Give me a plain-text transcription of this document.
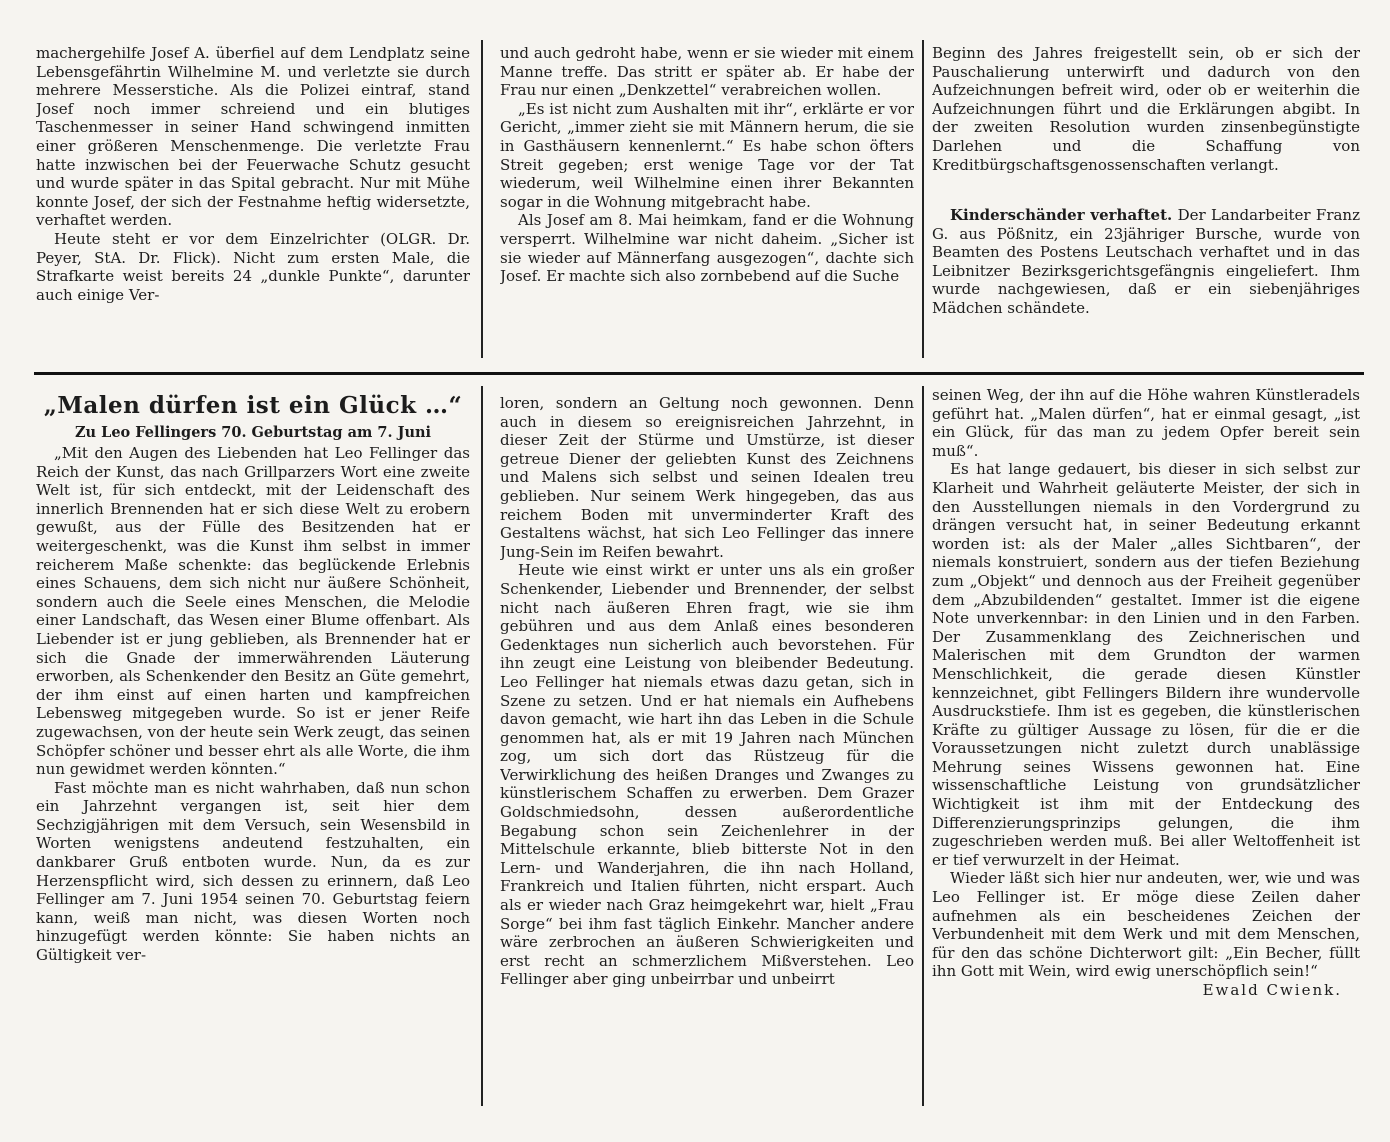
machergehilfe Josef A. überfiel auf dem Lendplatz seine Lebensgefährtin Wilhelmine M. und verletzte sie durch mehrere Messerstiche. Als die Polizei eintraf, stand Josef noch immer schreiend und ein blutiges Taschenmesser in seiner Hand schwingend inmitten einer größeren Menschenmenge. Die verletzte Frau hatte inzwischen bei der Feuerwache Schutz gesucht und wurde später in das Spital gebracht. Nur mit Mühe konnte Josef, der sich der Festnahme heftig widersetzte, verhaftet werden.

Heute steht er vor dem Einzelrichter (OLGR. Dr. Peyer, StA. Dr. Flick). Nicht zum ersten Male, die Strafkarte weist bereits 24 „dunkle Punkte“, darunter auch einige Ver-

und auch gedroht habe, wenn er sie wieder mit einem Manne treffe. Das stritt er später ab. Er habe der Frau nur einen „Denkzettel“ verabreichen wollen.

„Es ist nicht zum Aushalten mit ihr“, erklärte er vor Gericht, „immer zieht sie mit Männern herum, die sie in Gasthäusern kennenlernt.“ Es habe schon öfters Streit gegeben; erst wenige Tage vor der Tat wiederum, weil Wilhelmine einen ihrer Bekannten sogar in die Wohnung mitgebracht habe.

Als Josef am 8. Mai heimkam, fand er die Wohnung versperrt. Wilhelmine war nicht daheim. „Sicher ist sie wieder auf Männerfang ausgezogen“, dachte sich Josef. Er machte sich also zornbebend auf die Suche

Beginn des Jahres freigestellt sein, ob er sich der Pauschalierung unterwirft und dadurch von den Aufzeichnungen befreit wird, oder ob er weiterhin die Aufzeichnungen führt und die Erklärungen abgibt. In der zweiten Resolution wurden zinsenbegünstigte Darlehen und die Schaffung von Kreditbürgschaftsgenossenschaften verlangt.

Kinderschänder verhaftet. Der Landarbeiter Franz G. aus Pößnitz, ein 23jähriger Bursche, wurde von Beamten des Postens Leutschach verhaftet und in das Leibnitzer Bezirksgerichtsgefängnis eingeliefert. Ihm wurde nachgewiesen, daß er ein siebenjähriges Mädchen schändete.

„Malen dürfen ist ein Glück …“
Zu Leo Fellingers 70. Geburtstag am 7. Juni

„Mit den Augen des Liebenden hat Leo Fellinger das Reich der Kunst, das nach Grillparzers Wort eine zweite Welt ist, für sich entdeckt, mit der Leidenschaft des innerlich Brennenden hat er sich diese Welt zu erobern gewußt, aus der Fülle des Besitzenden hat er weitergeschenkt, was die Kunst ihm selbst in immer reicherem Maße schenkte: das beglückende Erlebnis eines Schauens, dem sich nicht nur äußere Schönheit, sondern auch die Seele eines Menschen, die Melodie einer Landschaft, das Wesen einer Blume offenbart. Als Liebender ist er jung geblieben, als Brennender hat er sich die Gnade der immerwährenden Läuterung erworben, als Schenkender den Besitz an Güte gemehrt, der ihm einst auf einen harten und kampfreichen Lebensweg mitgegeben wurde. So ist er jener Reife zugewachsen, von der heute sein Werk zeugt, das seinen Schöpfer schöner und besser ehrt als alle Worte, die ihm nun gewidmet werden könnten.“

Fast möchte man es nicht wahrhaben, daß nun schon ein Jahrzehnt vergangen ist, seit hier dem Sechzigjährigen mit dem Versuch, sein Wesensbild in Worten wenigstens andeutend festzuhalten, ein dankbarer Gruß entboten wurde. Nun, da es zur Herzenspflicht wird, sich dessen zu erinnern, daß Leo Fellinger am 7. Juni 1954 seinen 70. Geburtstag feiern kann, weiß man nicht, was diesen Worten noch hinzugefügt werden könnte: Sie haben nichts an Gültigkeit ver-

loren, sondern an Geltung noch gewonnen. Denn auch in diesem so ereignisreichen Jahrzehnt, in dieser Zeit der Stürme und Umstürze, ist dieser getreue Diener der geliebten Kunst des Zeichnens und Malens sich selbst und seinen Idealen treu geblieben. Nur seinem Werk hingegeben, das aus reichem Boden mit unverminderter Kraft des Gestaltens wächst, hat sich Leo Fellinger das innere Jung-Sein im Reifen bewahrt.

Heute wie einst wirkt er unter uns als ein großer Schenkender, Liebender und Brennender, der selbst nicht nach äußeren Ehren fragt, wie sie ihm gebühren und aus dem Anlaß eines besonderen Gedenktages nun sicherlich auch bevorstehen. Für ihn zeugt eine Leistung von bleibender Bedeutung. Leo Fellinger hat niemals etwas dazu getan, sich in Szene zu setzen. Und er hat niemals ein Aufhebens davon gemacht, wie hart ihn das Leben in die Schule genommen hat, als er mit 19 Jahren nach München zog, um sich dort das Rüstzeug für die Verwirklichung des heißen Dranges und Zwanges zu künstlerischem Schaffen zu erwerben. Dem Grazer Goldschmiedsohn, dessen außerordentliche Begabung schon sein Zeichenlehrer in der Mittelschule erkannte, blieb bitterste Not in den Lern- und Wanderjahren, die ihn nach Holland, Frankreich und Italien führten, nicht erspart. Auch als er wieder nach Graz heimgekehrt war, hielt „Frau Sorge“ bei ihm fast täglich Einkehr. Mancher andere wäre zerbrochen an äußeren Schwierigkeiten und erst recht an schmerzlichem Mißverstehen. Leo Fellinger aber ging unbeirrbar und unbeirrt

seinen Weg, der ihn auf die Höhe wahren Künstleradels geführt hat. „Malen dürfen“, hat er einmal gesagt, „ist ein Glück, für das man zu jedem Opfer bereit sein muß“.

Es hat lange gedauert, bis dieser in sich selbst zur Klarheit und Wahrheit geläuterte Meister, der sich in den Ausstellungen niemals in den Vordergrund zu drängen versucht hat, in seiner Bedeutung erkannt worden ist: als der Maler „alles Sichtbaren“, der niemals konstruiert, sondern aus der tiefen Beziehung zum „Objekt“ und dennoch aus der Freiheit gegenüber dem „Abzubildenden“ gestaltet. Immer ist die eigene Note unverkennbar: in den Linien und in den Farben. Der Zusammenklang des Zeichnerischen und Malerischen mit dem Grundton der warmen Menschlichkeit, die gerade diesen Künstler kennzeichnet, gibt Fellingers Bildern ihre wundervolle Ausdruckstiefe. Ihm ist es gegeben, die künstlerischen Kräfte zu gültiger Aussage zu lösen, für die er die Voraussetzungen nicht zuletzt durch unablässige Mehrung seines Wissens gewonnen hat. Eine wissenschaftliche Leistung von grundsätzlicher Wichtigkeit ist ihm mit der Entdeckung des Differenzierungsprinzips gelungen, die ihm zugeschrieben werden muß. Bei aller Weltoffenheit ist er tief verwurzelt in der Heimat.

Wieder läßt sich hier nur andeuten, wer, wie und was Leo Fellinger ist. Er möge diese Zeilen daher aufnehmen als ein bescheidenes Zeichen der Verbundenheit mit dem Werk und mit dem Menschen, für den das schöne Dichterwort gilt: „Ein Becher, füllt ihn Gott mit Wein, wird ewig unerschöpflich sein!“

Ewald Cwienk.
